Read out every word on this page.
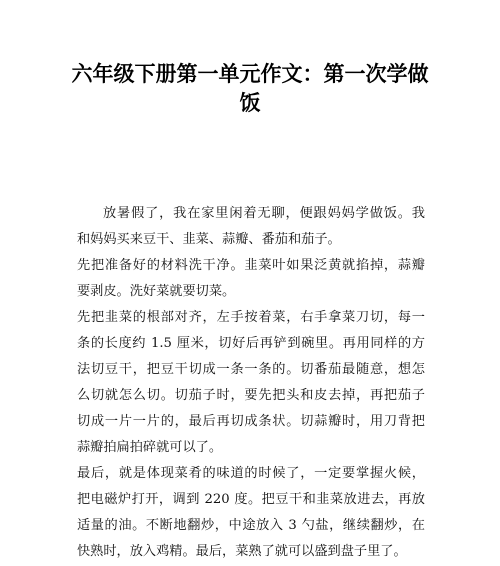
六年级下册第一单元作文：第一次学做饭
放暑假了，我在家里闲着无聊，便跟妈妈学做饭。我
和妈妈买来豆干、韭菜、蒜瓣、番茄和茄子。
先把准备好的材料洗干净。韭菜叶如果泛黄就掐掉，蒜瓣
要剥皮。洗好菜就要切菜。
先把韭菜的根部对齐，左手按着菜，右手拿菜刀切，每一
条的长度约 1.5 厘米，切好后再铲到碗里。再用同样的方
法切豆干，把豆干切成一条一条的。切番茄最随意，想怎
么切就怎么切。切茄子时，要先把头和皮去掉，再把茄子
切成一片一片的，最后再切成条状。切蒜瓣时，用刀背把
蒜瓣拍扁拍碎就可以了。
最后，就是体现菜肴的味道的时候了，一定要掌握火候，
把电磁炉打开，调到 220 度。把豆干和韭菜放进去，再放
适量的油。不断地翻炒，中途放入 3 勺盐，继续翻炒，在
快熟时，放入鸡精。最后，菜熟了就可以盛到盘子里了。
